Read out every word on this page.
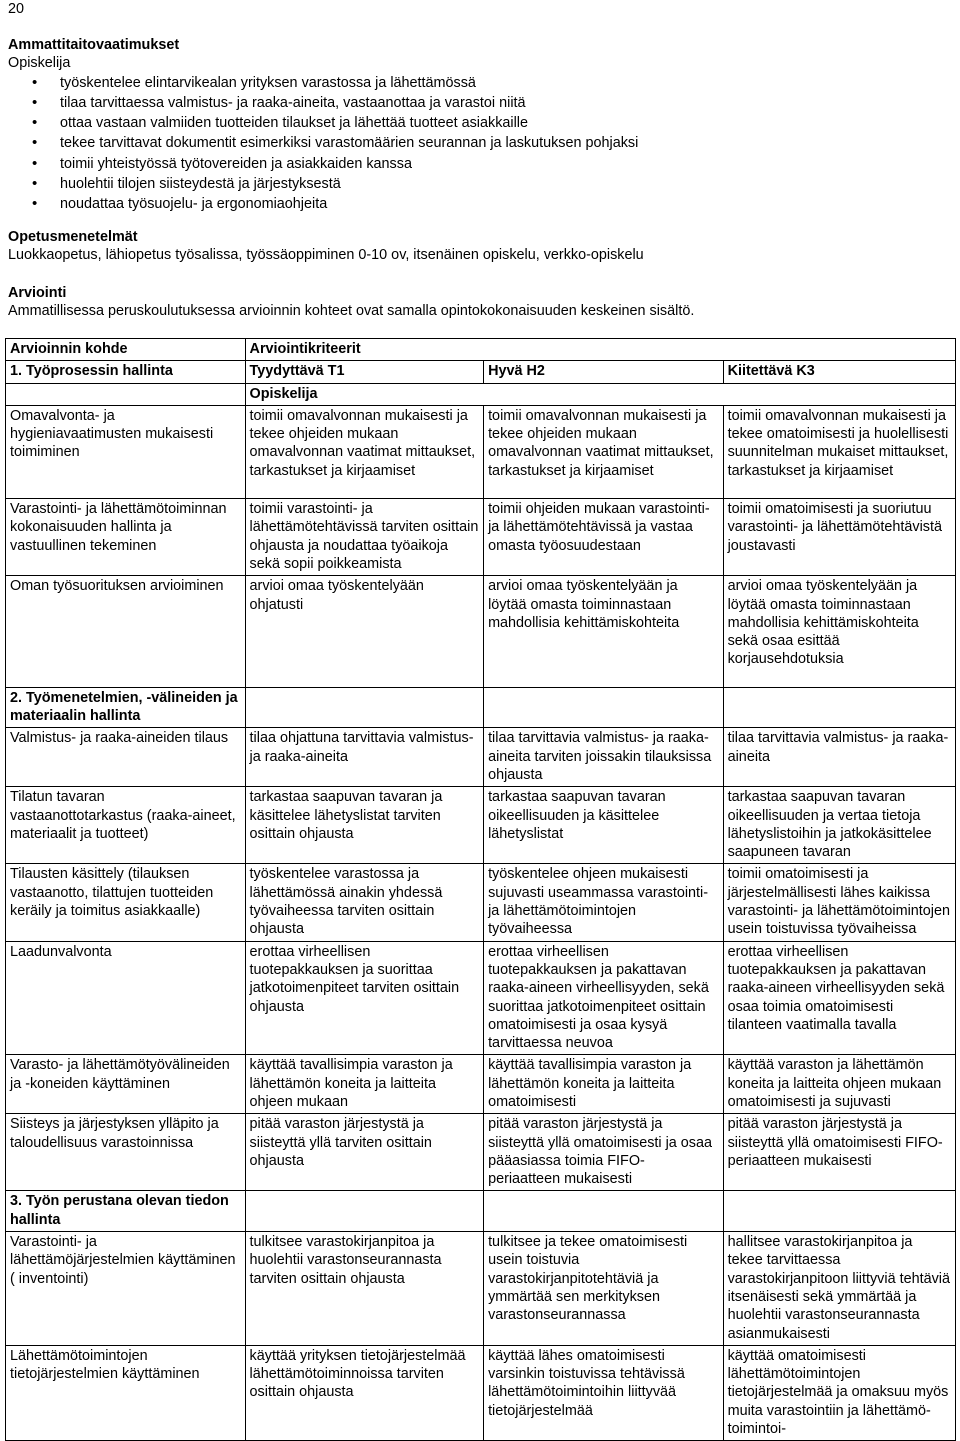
20
Ammattitaitovaatimukset
Opiskelija
• työskentelee elintarvikealan yrityksen varastossa ja lähettämössä
• tilaa tarvittaessa valmistus- ja raaka-aineita, vastaanottaa ja varastoi niitä
• ottaa vastaan valmiiden tuotteiden tilaukset ja lähettää tuotteet asiakkaille
• tekee tarvittavat dokumentit esimerkiksi varastomäärien seurannan ja laskutuksen pohjaksi
• toimii yhteistyössä työtovereiden ja asiakkaiden kanssa
• huolehtii tilojen siisteydestä ja järjestyksestä
• noudattaa työsuojelu- ja ergonomiaohjeita
Opetusmenetelmät
Luokkaopetus, lähiopetus työsalissa, työssäoppiminen 0-10 ov, itsenäinen opiskelu, verkko-opiskelu
Arviointi
Ammatillisessa peruskoulutuksessa arvioinnin kohteet ovat samalla opintokokonaisuuden keskeinen sisältö.
Arvioinnin kohde	Arviointikriteerit		
1. Työprosessin hallinta	Tyydyttävä T1	Hyvä H2	Kiitettävä K3
	Opiskelija		
Omavalvonta- ja hygieniavaatimusten mukaisesti toimiminen	toimii omavalvonnan mukaisesti ja tekee ohjeiden mukaan omavalvonnan vaatimat mittaukset, tarkastukset ja kirjaamiset	toimii omavalvonnan mukaisesti ja tekee ohjeiden mukaan omavalvonnan vaatimat mittaukset, tarkastukset ja kirjaamiset	toimii omavalvonnan mukaisesti ja tekee omatoimisesti ja huolellisesti suunnitelman mukaiset mittaukset, tarkastukset ja kirjaamiset
Varastointi- ja lähettämötoiminnan kokonaisuuden hallinta ja vastuullinen tekeminen	toimii varastointi- ja lähettämötehtävissä tarviten osittain ohjausta ja noudattaa työaikoja sekä sopii poikkeamista	toimii ohjeiden mukaan varastointi- ja lähettämötehtävissä ja vastaa omasta työosuudestaan	toimii omatoimisesti ja suoriutuu varastointi- ja lähettämötehtävistä joustavasti
Oman työsuorituksen arvioiminen	arvioi omaa työskentelyään ohjatusti	arvioi omaa työskentelyään ja löytää omasta toiminnastaan mahdollisia kehittämiskohteita	arvioi omaa työskentelyään ja löytää omasta toiminnastaan mahdollisia kehittämiskohteita sekä osaa esittää korjausehdotuksia
2. Työmenetelmien, -välineiden ja materiaalin hallinta			
Valmistus- ja raaka-aineiden tilaus	tilaa ohjattuna tarvittavia valmistus- ja raaka-aineita	tilaa tarvittavia valmistus- ja raaka-aineita tarviten joissakin tilauksissa ohjausta	tilaa tarvittavia valmistus- ja raaka-aineita
Tilatun tavaran vastaanottotarkastus (raaka-aineet, materiaalit ja tuotteet)	tarkastaa saapuvan tavaran ja käsittelee lähetyslistat tarviten osittain ohjausta	tarkastaa saapuvan tavaran oikeellisuuden ja käsittelee lähetyslistat	tarkastaa saapuvan tavaran oikeellisuuden ja vertaa tietoja lähetyslistoihin ja jatkokäsittelee saapuneen tavaran
Tilausten käsittely (tilauksen vastaanotto, tilattujen tuotteiden keräily ja toimitus asiakkaalle)	työskentelee varastossa ja lähettämössä ainakin yhdessä työvaiheessa tarviten osittain ohjausta	työskentelee ohjeen mukaisesti sujuvasti useammassa varastointi- ja lähettämötoimintojen työvaiheessa	toimii omatoimisesti ja järjestelmällisesti lähes kaikissa varastointi- ja lähettämötoimintojen usein toistuvissa työvaiheissa
Laadunvalvonta	erottaa virheellisen tuotepakkauksen ja suorittaa jatkotoimenpiteet tarviten osittain ohjausta	erottaa virheellisen tuotepakkauksen ja pakattavan raaka-aineen virheellisyyden, sekä suorittaa jatkotoimenpiteet osittain omatoimisesti ja osaa kysyä tarvittaessa neuvoa	erottaa virheellisen tuotepakkauksen ja pakattavan raaka-aineen virheellisyyden sekä osaa toimia omatoimisesti tilanteen vaatimalla tavalla
Varasto- ja lähettämötyövälineiden ja -koneiden käyttäminen	käyttää tavallisimpia varaston ja lähettämön koneita ja laitteita ohjeen mukaan	käyttää tavallisimpia varaston ja lähettämön koneita ja laitteita omatoimisesti	käyttää varaston ja lähettämön koneita ja laitteita ohjeen mukaan omatoimisesti ja sujuvasti
Siisteys ja järjestyksen ylläpito ja taloudellisuus varastoinnissa	pitää varaston järjestystä ja siisteyttä yllä tarviten osittain ohjausta	pitää varaston järjestystä ja siisteyttä yllä omatoimisesti ja osaa pääasiassa toimia FIFO- periaatteen mukaisesti	pitää varaston järjestystä ja siisteyttä yllä omatoimisesti FIFO- periaatteen mukaisesti
3. Työn perustana olevan tiedon hallinta			
Varastointi- ja lähettämöjärjestelmien käyttäminen ( inventointi)	tulkitsee varastokirjanpitoa ja huolehtii varastonseurannasta tarviten osittain ohjausta	tulkitsee ja tekee omatoimisesti usein toistuvia varastokirjanpitotehtäviä ja ymmärtää sen merkityksen varastonseurannassa	hallitsee varastokirjanpitoa ja tekee tarvittaessa varastokirjanpitoon liittyviä tehtäviä itsenäisesti sekä ymmärtää ja huolehtii varastonseurannasta asianmukaisesti
Lähettämötoimintojen tietojärjestelmien käyttäminen	käyttää yrityksen tietojärjestelmää lähettämötoiminnoissa tarviten osittain ohjausta	käyttää lähes omatoimisesti varsinkin toistuvissa tehtävissä lähettämötoimintoihin liittyvää tietojärjestelmää	käyttää omatoimisesti lähettämötoimintojen tietojärjestelmää ja omaksuu myös muita varastointiin ja lähettämö- toimintoi-
